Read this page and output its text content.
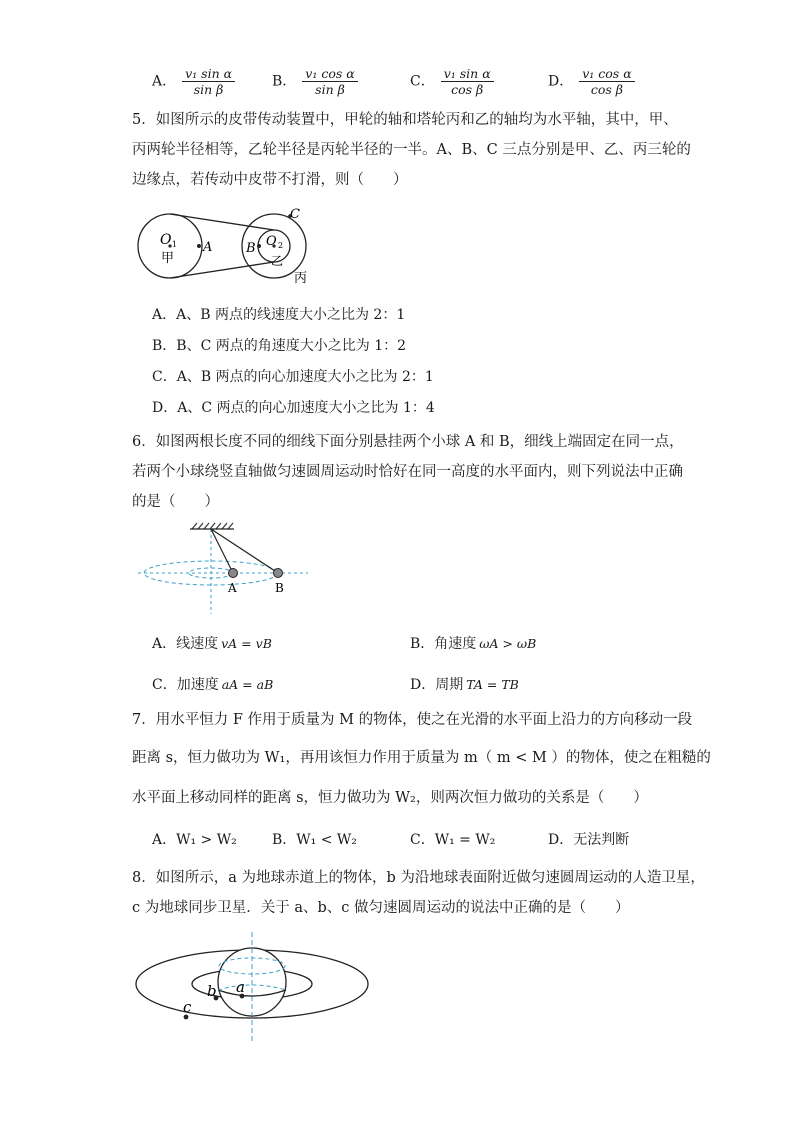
A． $\frac{\text{v₁ sin α}}{\text{sin β}}$	B． $\frac{\text{v₁ cos α}}{\text{sin β}}$	C． $\frac{\text{v₁ sin α}}{\text{cos β}}$	D． $\frac{\text{v₁ cos α}}{\text{cos β}}$
5．如图所示的皮带传动装置中，甲轮的轴和塔轮丙和乙的轴均为水平轴，其中，甲、
丙两轮半径相等，乙轮半径是丙轮半径的一半。A、B、C 三点分别是甲、乙、丙三轮的
边缘点，若传动中皮带不打滑，则（　　）
O 1 A
甲
B O 2
C
乙
丙
A．A、B 两点的线速度大小之比为 2：1
B．B、C 两点的角速度大小之比为 1：2
C．A、B 两点的向心加速度大小之比为 2：1
D．A、C 两点的向心加速度大小之比为 1：4
6．如图两根长度不同的细线下面分别悬挂两个小球 A 和 B，细线上端固定在同一点，
若两个小球绕竖直轴做匀速圆周运动时恰好在同一高度的水平面内，则下列说法中正确
的是（　　）
A	B
A．线速度 vA = vB	B．角速度 ωA > ωB
C．加速度 aA = aB	D．周期 TA = TB
7．用水平恒力 F 作用于质量为 M 的物体，使之在光滑的水平面上沿力的方向移动一段
距离 s，恒力做功为 W₁，再用该恒力作用于质量为 m（ m < M ）的物体，使之在粗糙的
水平面上移动同样的距离 s，恒力做功为 W₂，则两次恒力做功的关系是（　　）
A．W₁ > W₂	B．W₁ < W₂	C．W₁ = W₂	D．无法判断
8．如图所示，a 为地球赤道上的物体，b 为沿地球表面附近做匀速圆周运动的人造卫星，
c 为地球同步卫星．关于 a、b、c 做匀速圆周运动的说法中正确的是（　　）
a
b
c
